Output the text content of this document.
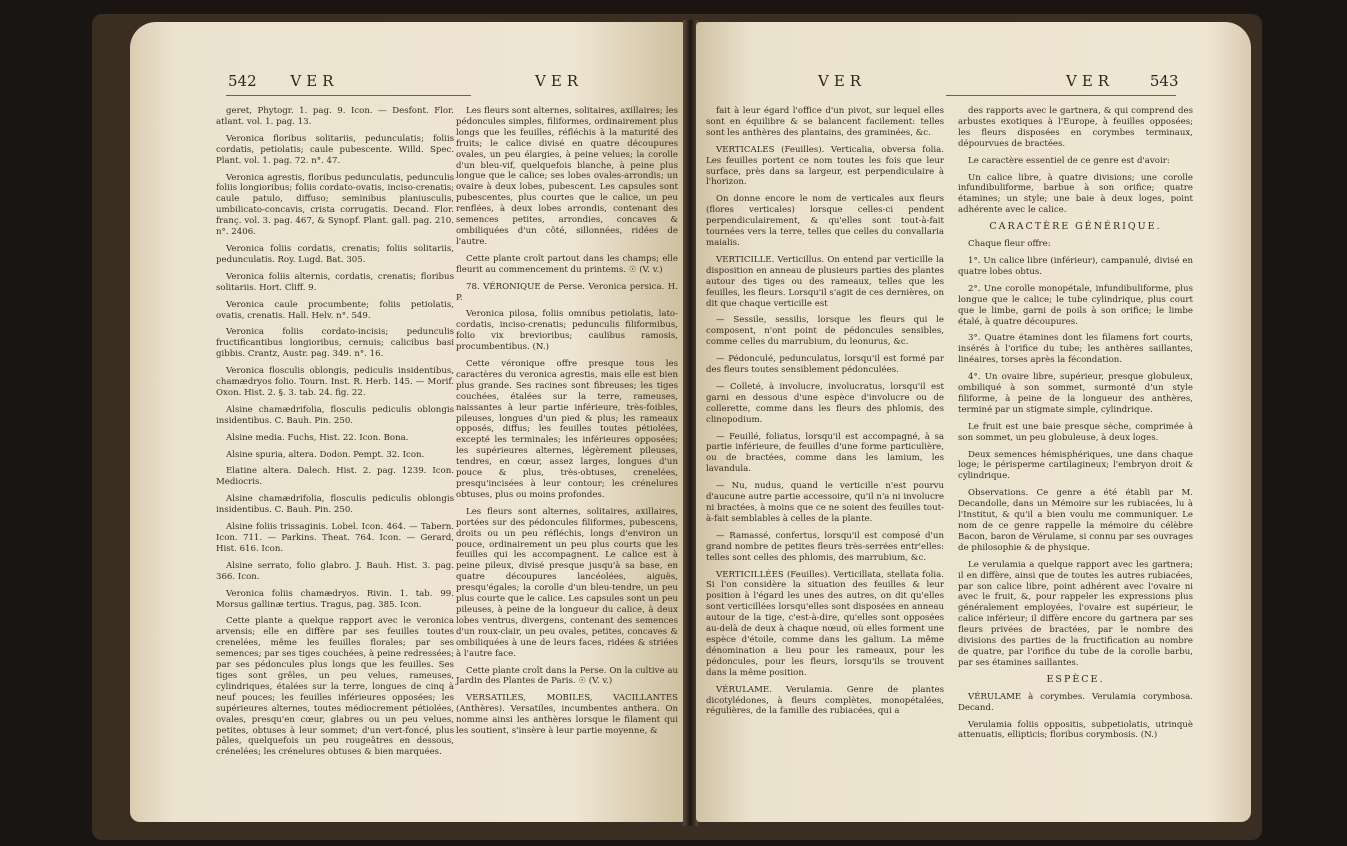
542 VER	VER

geret, Phytogr. 1. pag. 9. Icon. — Desfont. Flor. atlant. vol. 1. pag. 13.

Veronica floribus solitariis, pedunculatis; foliis cordatis, petiolatis; caule pubescente. Willd. Spec. Plant. vol. 1. pag. 72. n°. 47.

Veronica agrestis, floribus pedunculatis, pedunculis foliis longioribus; foliis cordato-ovatis, inciso-crenatis; caule patulo, diffuso; seminibus planiusculis, umbilicato-concavis, crista corrugatis. Decand. Flor. franç. vol. 3. pag. 467, & Synopf. Plant. gall. pag. 210. n°. 2406.

Veronica foliis cordatis, crenatis; foliis solitariis, pedunculatis. Roy. Lugd. Bat. 305.

Veronica foliis alternis, cordatis, crenatis; floribus solitariis. Hort. Cliff. 9.

Veronica caule procumbente; foliis petiolatis, ovatis, crenatis. Hall. Helv. n°. 549.

Veronica foliis cordato-incisis; pedunculis fructificantibus longioribus, cernuis; calicibus basi gibbis. Crantz, Austr. pag. 349. n°. 16.

Veronica flosculis oblongis, pediculis insidentibus, chamædryos folio. Tourn. Inst. R. Herb. 145. — Morif. Oxon. Hist. 2. §. 3. tab. 24. fig. 22.

Alsine chamædrifolia, flosculis pediculis oblongis insidentibus. C. Bauh. Pin. 250.

Alsine media. Fuchs, Hist. 22. Icon. Bona.

Alsine spuria, altera. Dodon. Pempt. 32. Icon.

Elatine altera. Dalech. Hist. 2. pag. 1239. Icon. Mediocris.

Alsine chamædrifolia, flosculis pediculis oblongis insidentibus. C. Bauh. Pin. 250.

Alsine foliis trissaginis. Lobel. Icon. 464. — Tabern. Icon. 711. — Parkins. Theat. 764. Icon. — Gerard, Hist. 616. Icon.

Alsine serrato, folio glabro. J. Bauh. Hist. 3. pag. 366. Icon.

Veronica foliis chamædryos. Rivin. 1. tab. 99. Morsus gallinæ tertius. Tragus, pag. 385. Icon.

Cette plante a quelque rapport avec le veronica arvensis; elle en diffère par ses feuilles toutes crenelées, même les feuilles florales; par ses semences; par ses tiges couchées, à peine redressées; par ses pédoncules plus longs que les feuilles. Ses tiges sont grêles, un peu velues, rameuses, cylindriques, étalées sur la terre, longues de cinq à neuf pouces; les feuilles inférieures opposées; les supérieures alternes, toutes médiocrement pétiolées, ovales, presqu'en cœur, glabres ou un peu velues, petites, obtuses à leur sommet; d'un vert-foncé, plus pâles, quelquefois un peu rougeâtres en dessous, crénelées; les crénelures obtuses & bien marquées.

Les fleurs sont alternes, solitaires, axillaires; les pédoncules simples, filiformes, ordinairement plus longs que les feuilles, réfléchis à la maturité des fruits; le calice divisé en quatre découpures ovales, un peu élargies, à peine velues; la corolle d'un bleu-vif, quelquefois blanche, à peine plus longue que le calice; ses lobes ovales-arrondis; un ovaire à deux lobes, pubescent. Les capsules sont pubescentes, plus courtes que le calice, un peu renflées, à deux lobes arrondis, contenant des semences petites, arrondies, concaves & ombiliquées d'un côté, sillonnées, ridées de l'autre.

Cette plante croît partout dans les champs; elle fleurit au commencement du printems. ☉ (V. v.)

78. VÉRONIQUE de Perse. Veronica persica. H. P.

Veronica pilosa, foliis omnibus petiolatis, lato-cordatis, inciso-crenatis; pedunculis filiformibus, folio vix brevioribus; caulibus ramosis, procumbentibus. (N.)

Cette véronique offre presque tous les caractères du veronica agrestis, mais elle est bien plus grande. Ses racines sont fibreuses; les tiges couchées, étalées sur la terre, rameuses, naissantes à leur partie inférieure, très-foibles, pileuses, longues d'un pied & plus; les rameaux opposés, diffus; les feuilles toutes pétiolées, excepté les terminales; les inférieures opposées; les supérieures alternes, légèrement pileuses, tendres, en cœur, assez larges, longues d'un pouce & plus, très-obtuses, crenelées, presqu'incisées à leur contour; les crénelures obtuses, plus ou moins profondes.

Les fleurs sont alternes, solitaires, axillaires, portées sur des pédoncules filiformes, pubescens, droits ou un peu réfléchis, longs d'environ un pouce, ordinairement un peu plus courts que les feuilles qui les accompagnent. Le calice est à peine pileux, divisé presque jusqu'à sa base, en quatre découpures lancéolées, aiguës, presqu'égales; la corolle d'un bleu-tendre, un peu plus courte que le calice. Les capsules sont un peu pileuses, à peine de la longueur du calice, à deux lobes ventrus, divergens, contenant des semences d'un roux-clair, un peu ovales, petites, concaves & ombiliquées à une de leurs faces, ridées & striées à l'autre face.

Cette plante croît dans la Perse. On la cultive au Jardin des Plantes de Paris. ☉ (V. v.)

VERSATILES, MOBILES, VACILLANTES (Anthères). Versatiles, incumbentes anthera. On nomme ainsi les anthères lorsque le filament qui les soutient, s'insère à leur partie moyenne, &

VER	VER 543

fait à leur égard l'office d'un pivot, sur lequel elles sont en équilibre & se balancent facilement: telles sont les anthères des plantains, des graminées, &c.

VERTICALES (Feuilles). Verticalia, obversa folia. Les feuilles portent ce nom toutes les fois que leur surface, près dans sa largeur, est perpendiculaire à l'horizon.

On donne encore le nom de verticales aux fleurs (flores verticales) lorsque celles-ci pendent perpendiculairement, & qu'elles sont tout-à-fait tournées vers la terre, telles que celles du convallaria maialis.

VERTICILLE. Verticillus. On entend par verticille la disposition en anneau de plusieurs parties des plantes autour des tiges ou des rameaux, telles que les feuilles, les fleurs. Lorsqu'il s'agit de ces dernières, on dit que chaque verticille est

— Sessile, sessilis, lorsque les fleurs qui le composent, n'ont point de pédoncules sensibles, comme celles du marrubium, du leonurus, &c.

— Pédonculé, pedunculatus, lorsqu'il est formé par des fleurs toutes sensiblement pédonculées.

— Colleté, à involucre, involucratus, lorsqu'il est garni en dessous d'une espèce d'involucre ou de collerette, comme dans les fleurs des phlomis, des clinopodium.

— Feuillé, foliatus, lorsqu'il est accompagné, à sa partie inférieure, de feuilles d'une forme particulière, ou de bractées, comme dans les lamium, les lavandula.

— Nu, nudus, quand le verticille n'est pourvu d'aucune autre partie accessoire, qu'il n'a ni involucre ni bractées, à moins que ce ne soient des feuilles tout-à-fait semblables à celles de la plante.

— Ramassé, confertus, lorsqu'il est composé d'un grand nombre de petites fleurs très-serrées entr'elles: telles sont celles des phlomis, des marrubium, &c.

VERTICILLÉES (Feuilles). Verticillata, stellata folia. Si l'on considère la situation des feuilles & leur position à l'égard les unes des autres, on dit qu'elles sont verticillées lorsqu'elles sont disposées en anneau autour de la tige, c'est-à-dire, qu'elles sont opposées au-delà de deux à chaque nœud, où elles forment une espèce d'étoile, comme dans les galium. La même dénomination a lieu pour les rameaux, pour les pédoncules, pour les fleurs, lorsqu'ils se trouvent dans la même position.

VÉRULAME. Verulamia. Genre de plantes dicotylédones, à fleurs complètes, monopétalées, régulières, de la famille des rubiacées, qui a

des rapports avec le gartnera, & qui comprend des arbustes exotiques à l'Europe, à feuilles opposées; les fleurs disposées en corymbes terminaux, dépourvues de bractées.

Le caractère essentiel de ce genre est d'avoir:

Un calice libre, à quatre divisions; une corolle infundibuliforme, barbue à son orifice; quatre étamines; un style; une baie à deux loges, point adhérente avec le calice.

CARACTÈRE GÉNÉRIQUE.

Chaque fleur offre:

1°. Un calice libre (inférieur), campanulé, divisé en quatre lobes obtus.

2°. Une corolle monopétale, infundibuliforme, plus longue que le calice; le tube cylindrique, plus court que le limbe, garni de poils à son orifice; le limbe étalé, à quatre découpures.

3°. Quatre étamines dont les filamens fort courts, insérés à l'orifice du tube; les anthères saillantes, linéaires, torses après la fécondation.

4°. Un ovaire libre, supérieur, presque globuleux, ombiliqué à son sommet, surmonté d'un style filiforme, à peine de la longueur des anthères, terminé par un stigmate simple, cylindrique.

Le fruit est une baie presque sèche, comprimée à son sommet, un peu globuleuse, à deux loges.

Deux semences hémisphériques, une dans chaque loge; le périsperme cartilagineux; l'embryon droit & cylindrique.

Observations. Ce genre a été établi par M. Decandolle, dans un Mémoire sur les rubiacées, lu à l'Institut, & qu'il a bien voulu me communiquer. Le nom de ce genre rappelle la mémoire du célèbre Bacon, baron de Vérulame, si connu par ses ouvrages de philosophie & de physique.

Le verulamia a quelque rapport avec les gartnera; il en diffère, ainsi que de toutes les autres rubiacées, par son calice libre, point adhérent avec l'ovaire ni avec le fruit, &, pour rappeler les expressions plus généralement employées, l'ovaire est supérieur, le calice inférieur; il diffère encore du gartnera par ses fleurs privées de bractées, par le nombre des divisions des parties de la fructification au nombre de quatre, par l'orifice du tube de la corolle barbu, par ses étamines saillantes.

ESPÈCE.

VÉRULAME à corymbes. Verulamia corymbosa. Decand.

Verulamia foliis oppositis, subpetiolatis, utrinquè attenuatis, ellipticis; floribus corymbosis. (N.)
